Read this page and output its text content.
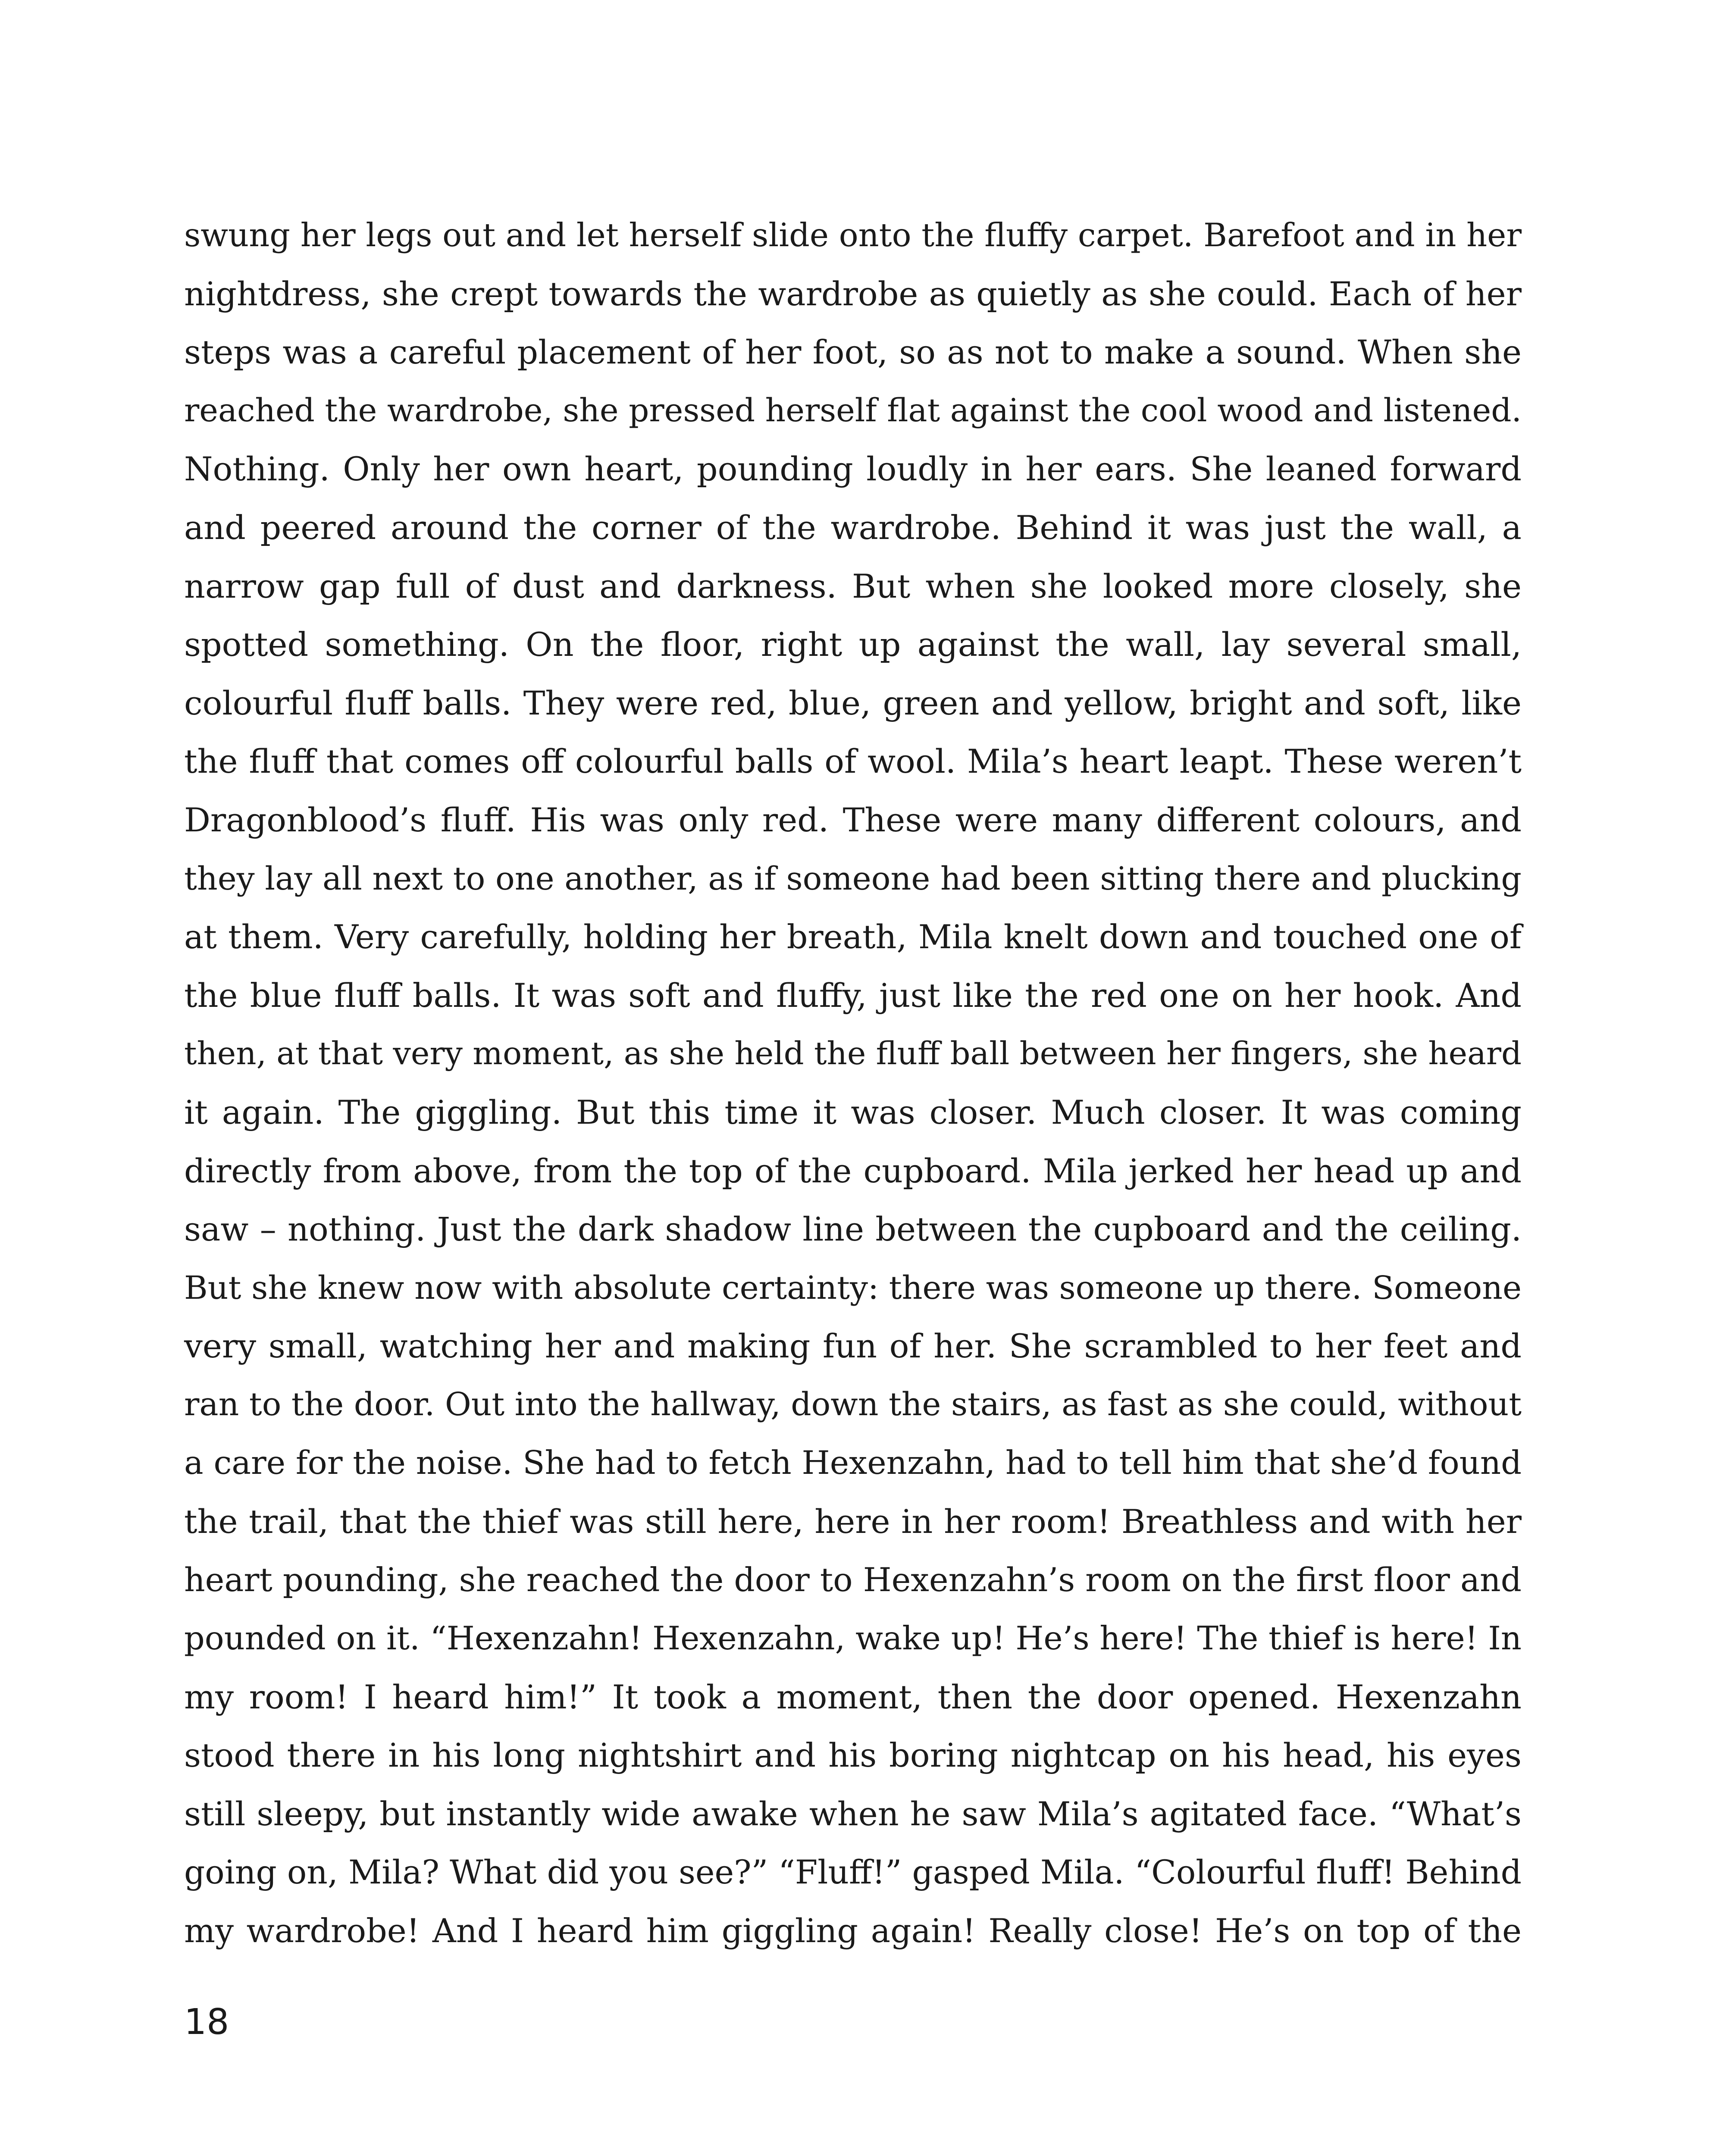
swung her legs out and let herself slide onto the fluffy carpet. Barefoot and in her
nightdress, she crept towards the wardrobe as quietly as she could. Each of her
steps was a careful placement of her foot, so as not to make a sound. When she
reached the wardrobe, she pressed herself flat against the cool wood and listened.
Nothing. Only her own heart, pounding loudly in her ears. She leaned forward
and peered around the corner of the wardrobe. Behind it was just the wall, a
narrow gap full of dust and darkness. But when she looked more closely, she
spotted something. On the floor, right up against the wall, lay several small,
colourful fluff balls. They were red, blue, green and yellow, bright and soft, like
the fluff that comes off colourful balls of wool. Mila’s heart leapt. These weren’t
Dragonblood’s fluff. His was only red. These were many different colours, and
they lay all next to one another, as if someone had been sitting there and plucking
at them. Very carefully, holding her breath, Mila knelt down and touched one of
the blue fluff balls. It was soft and fluffy, just like the red one on her hook. And
then, at that very moment, as she held the fluff ball between her fingers, she heard
it again. The giggling. But this time it was closer. Much closer. It was coming
directly from above, from the top of the cupboard. Mila jerked her head up and
saw – nothing. Just the dark shadow line between the cupboard and the ceiling.
But she knew now with absolute certainty: there was someone up there. Someone
very small, watching her and making fun of her. She scrambled to her feet and
ran to the door. Out into the hallway, down the stairs, as fast as she could, without
a care for the noise. She had to fetch Hexenzahn, had to tell him that she’d found
the trail, that the thief was still here, here in her room! Breathless and with her
heart pounding, she reached the door to Hexenzahn’s room on the first floor and
pounded on it. “Hexenzahn! Hexenzahn, wake up! He’s here! The thief is here! In
my room! I heard him!” It took a moment, then the door opened. Hexenzahn
stood there in his long nightshirt and his boring nightcap on his head, his eyes
still sleepy, but instantly wide awake when he saw Mila’s agitated face. “What’s
going on, Mila? What did you see?” “Fluff!” gasped Mila. “Colourful fluff! Behind
my wardrobe! And I heard him giggling again! Really close! He’s on top of the
18
